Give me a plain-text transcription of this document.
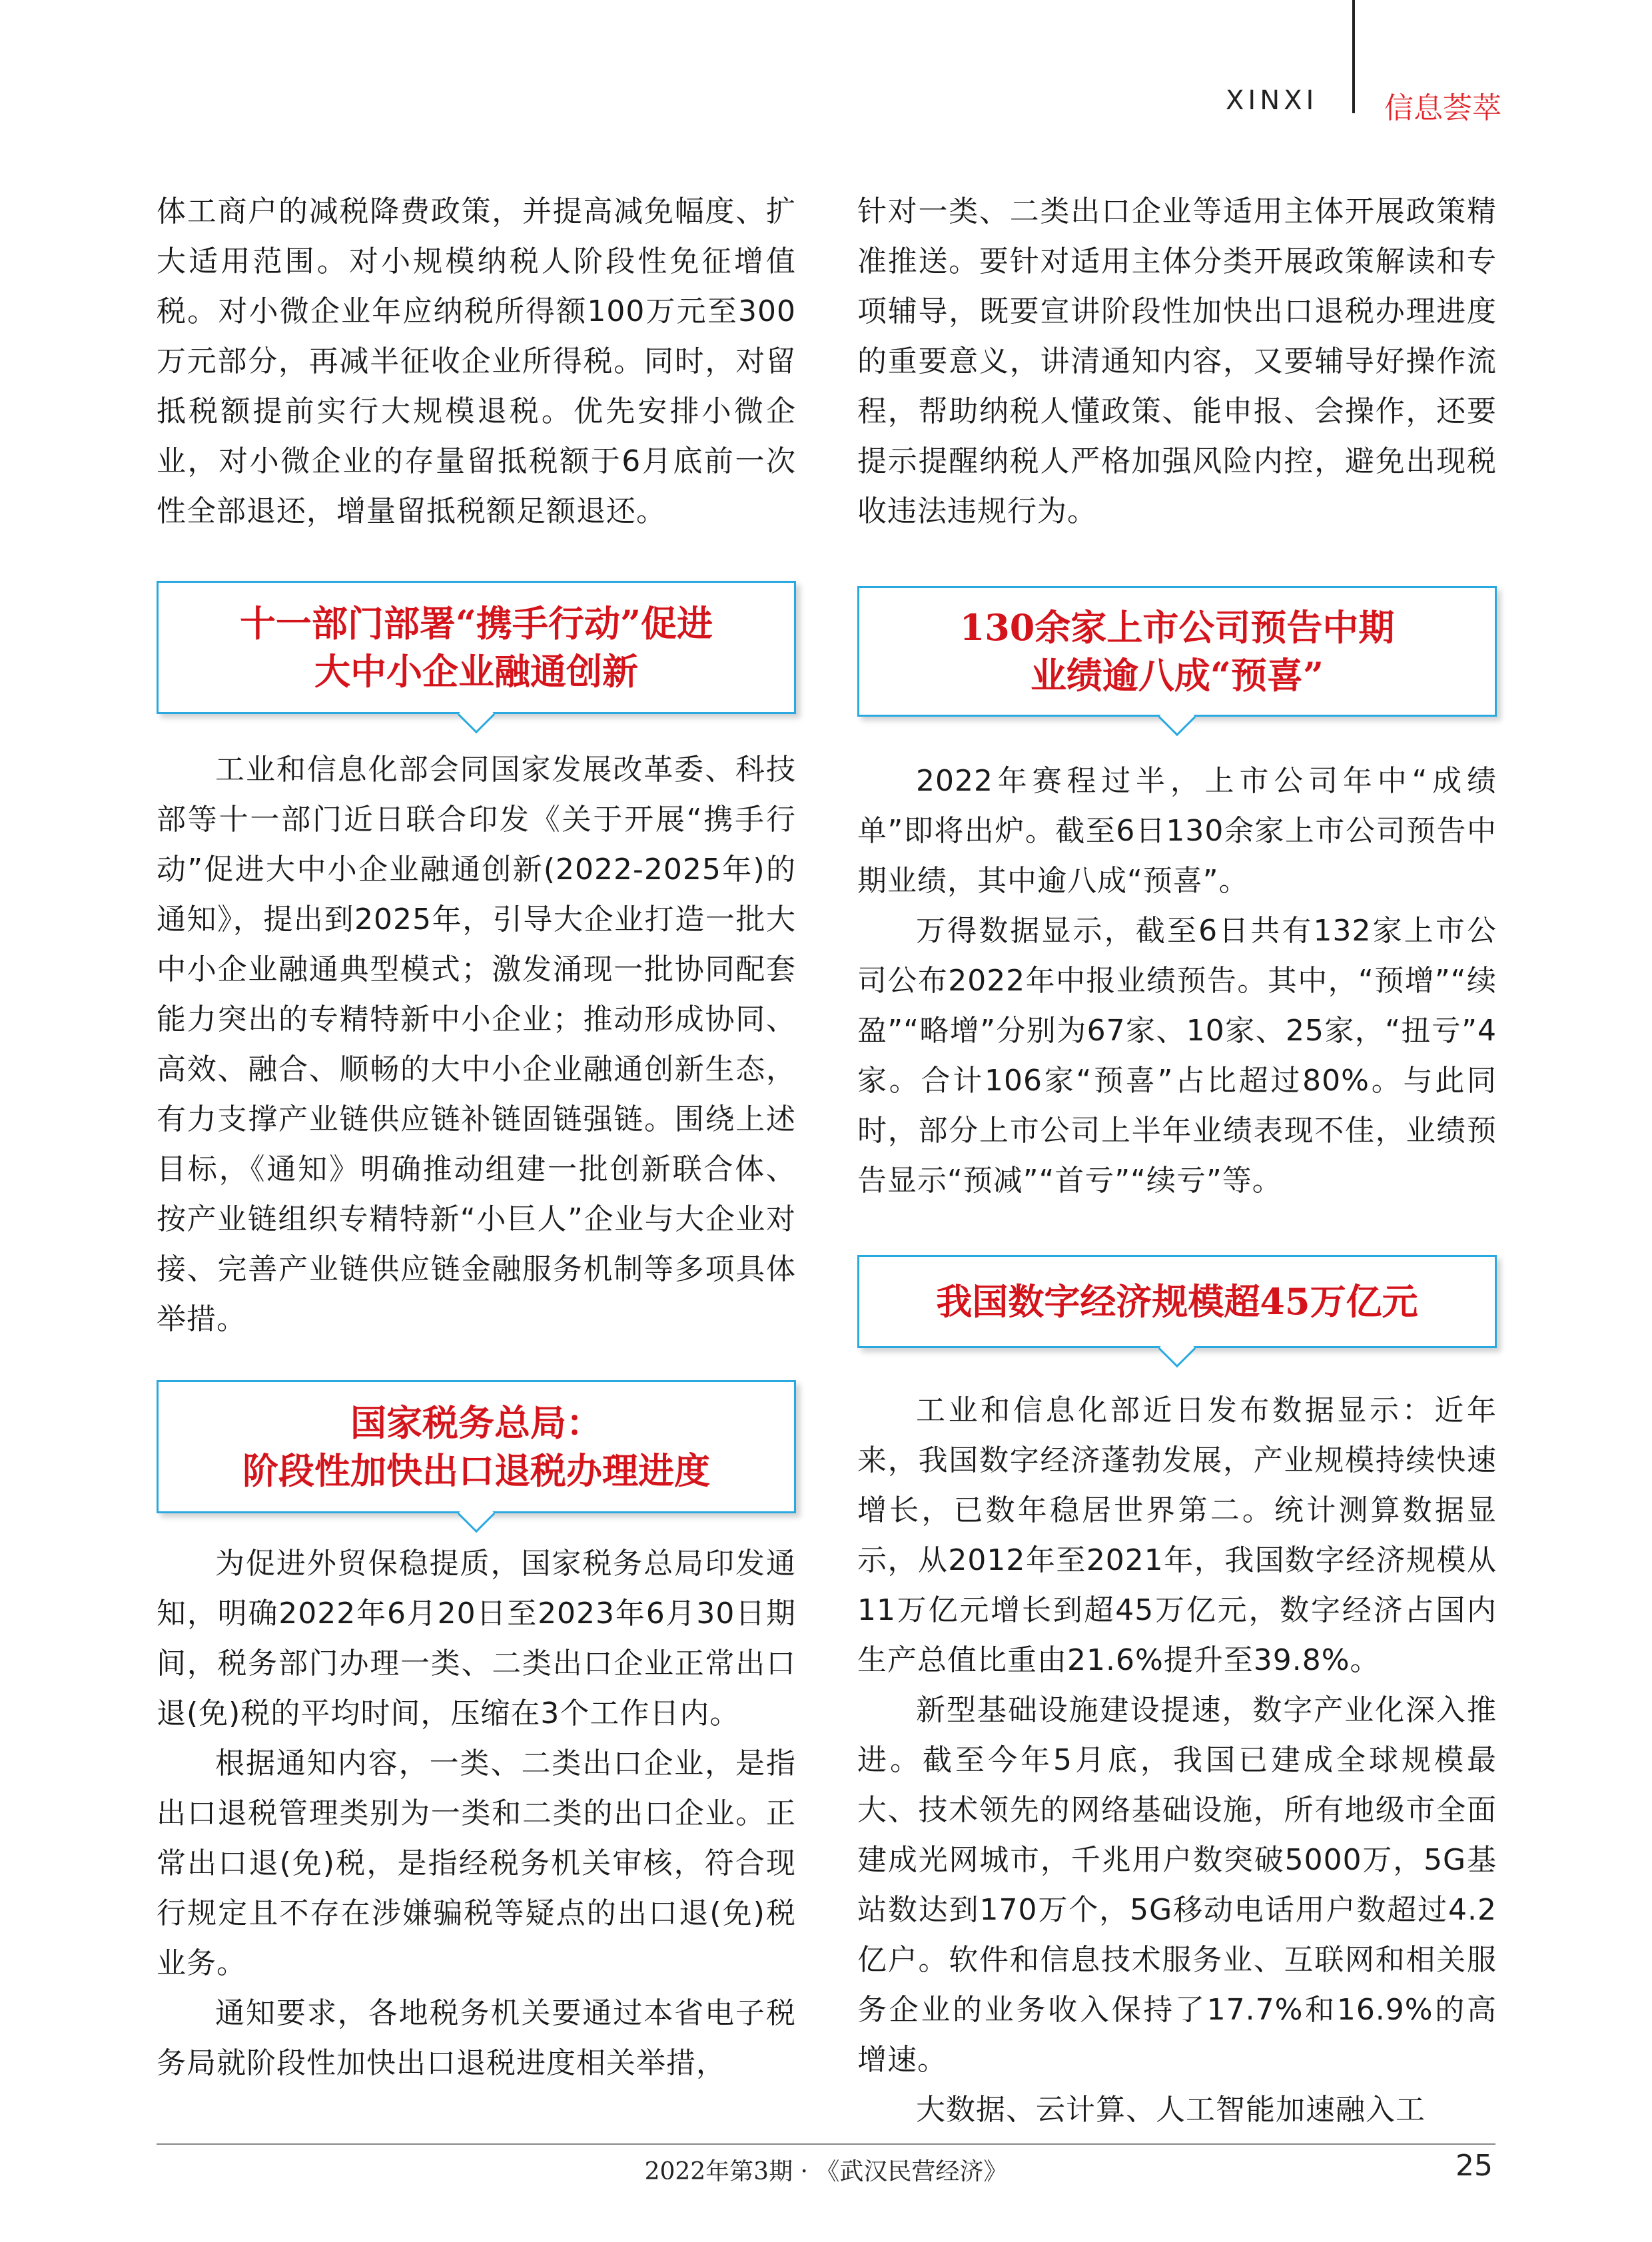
XINXI 信息荟萃

体工商户的减税降费政策，并提高减免幅度、扩大适用范围。对小规模纳税人阶段性免征增值税。对小微企业年应纳税所得额100万元至300万元部分，再减半征收企业所得税。同时，对留抵税额提前实行大规模退税。优先安排小微企业，对小微企业的存量留抵税额于6月底前一次性全部退还，增量留抵税额足额退还。

十一部门部署“携手行动”促进
大中小企业融通创新

工业和信息化部会同国家发展改革委、科技部等十一部门近日联合印发《关于开展“携手行动”促进大中小企业融通创新(2022-2025年)的通知》，提出到2025年，引导大企业打造一批大中小企业融通典型模式；激发涌现一批协同配套能力突出的专精特新中小企业；推动形成协同、高效、融合、顺畅的大中小企业融通创新生态，有力支撑产业链供应链补链固链强链。围绕上述目标，《通知》明确推动组建一批创新联合体、按产业链组织专精特新“小巨人”企业与大企业对接、完善产业链供应链金融服务机制等多项具体举措。

国家税务总局：
阶段性加快出口退税办理进度

为促进外贸保稳提质，国家税务总局印发通知，明确2022年6月20日至2023年6月30日期间，税务部门办理一类、二类出口企业正常出口退(免)税的平均时间，压缩在3个工作日内。

根据通知内容，一类、二类出口企业，是指出口退税管理类别为一类和二类的出口企业。正常出口退(免)税，是指经税务机关审核，符合现行规定且不存在涉嫌骗税等疑点的出口退(免)税业务。

通知要求，各地税务机关要通过本省电子税务局就阶段性加快出口退税进度相关举措，

针对一类、二类出口企业等适用主体开展政策精准推送。要针对适用主体分类开展政策解读和专项辅导，既要宣讲阶段性加快出口退税办理进度的重要意义，讲清通知内容，又要辅导好操作流程，帮助纳税人懂政策、能申报、会操作，还要提示提醒纳税人严格加强风险内控，避免出现税收违法违规行为。

130余家上市公司预告中期
业绩逾八成“预喜”

2022年赛程过半，上市公司年中“成绩单”即将出炉。截至6日130余家上市公司预告中期业绩，其中逾八成“预喜”。

万得数据显示，截至6日共有132家上市公司公布2022年中报业绩预告。其中，“预增”“续盈”“略增”分别为67家、10家、25家，“扭亏”4家。合计106家“预喜”占比超过80%。与此同时，部分上市公司上半年业绩表现不佳，业绩预告显示“预减”“首亏”“续亏”等。

我国数字经济规模超45万亿元

工业和信息化部近日发布数据显示：近年来，我国数字经济蓬勃发展，产业规模持续快速增长，已数年稳居世界第二。统计测算数据显示，从2012年至2021年，我国数字经济规模从11万亿元增长到超45万亿元，数字经济占国内生产总值比重由21.6%提升至39.8%。

新型基础设施建设提速，数字产业化深入推进。截至今年5月底，我国已建成全球规模最大、技术领先的网络基础设施，所有地级市全面建成光网城市，千兆用户数突破5000万，5G基站数达到170万个，5G移动电话用户数超过4.2亿户。软件和信息技术服务业、互联网和相关服务企业的业务收入保持了17.7%和16.9%的高增速。

大数据、云计算、人工智能加速融入工

2022年第3期 · 《武汉民营经济》	25
